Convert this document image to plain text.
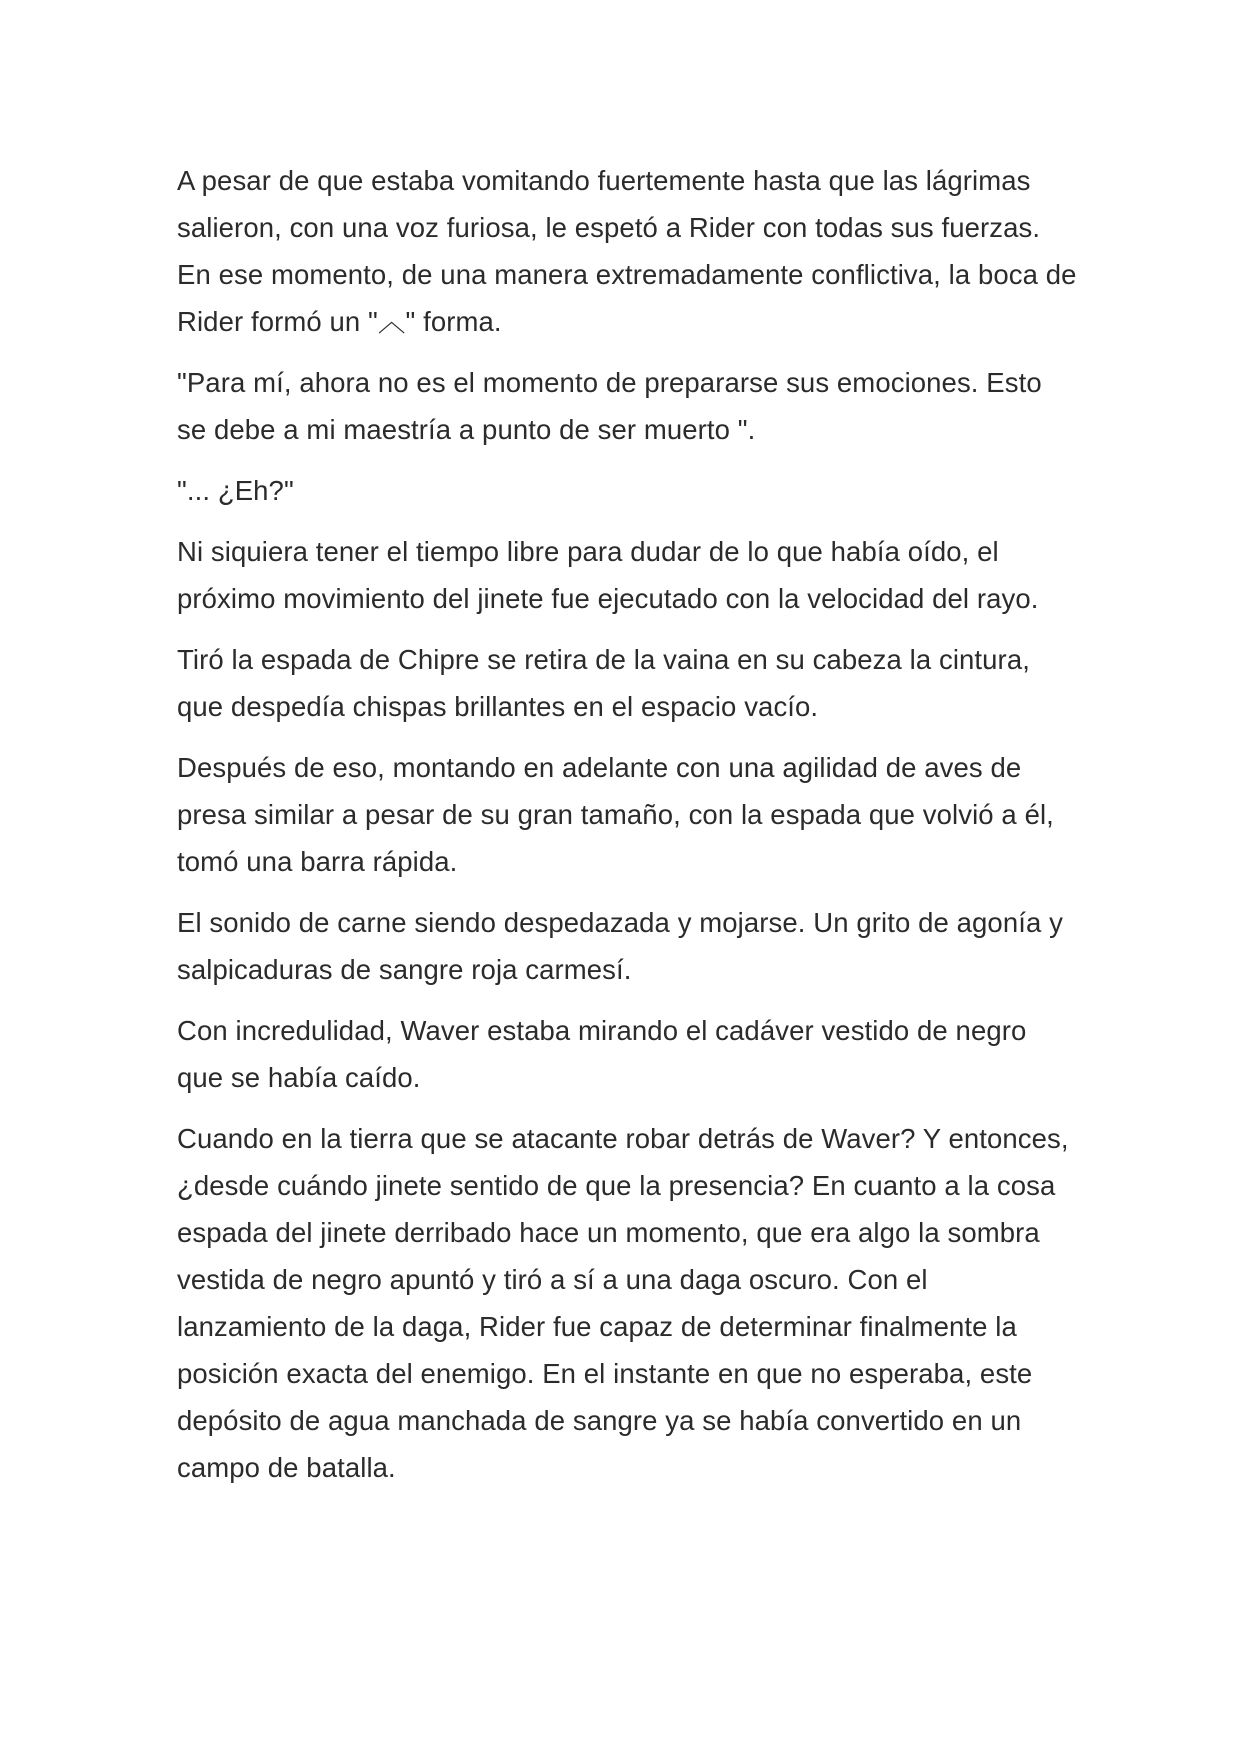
A pesar de que estaba vomitando fuertemente hasta que las lágrimas salieron, con una voz furiosa, le espetó a Rider con todas sus fuerzas. En ese momento, de una manera extremadamente conflictiva, la boca de Rider formó un "︿" forma.

"Para mí, ahora no es el momento de prepararse sus emociones. Esto se debe a mi maestría a punto de ser muerto ".

"... ¿Eh?"

Ni siquiera tener el tiempo libre para dudar de lo que había oído, el próximo movimiento del jinete fue ejecutado con la velocidad del rayo.

Tiró la espada de Chipre se retira de la vaina en su cabeza la cintura, que despedía chispas brillantes en el espacio vacío.

Después de eso, montando en adelante con una agilidad de aves de presa similar a pesar de su gran tamaño, con la espada que volvió a él, tomó una barra rápida.

El sonido de carne siendo despedazada y mojarse. Un grito de agonía y salpicaduras de sangre roja carmesí.

Con incredulidad, Waver estaba mirando el cadáver vestido de negro que se había caído.

Cuando en la tierra que se atacante robar detrás de Waver? Y entonces, ¿desde cuándo jinete sentido de que la presencia? En cuanto a la cosa espada del jinete derribado hace un momento, que era algo la sombra vestida de negro apuntó y tiró a sí a una daga oscuro. Con el lanzamiento de la daga, Rider fue capaz de determinar finalmente la posición exacta del enemigo. En el instante en que no esperaba, este depósito de agua manchada de sangre ya se había convertido en un campo de batalla.
